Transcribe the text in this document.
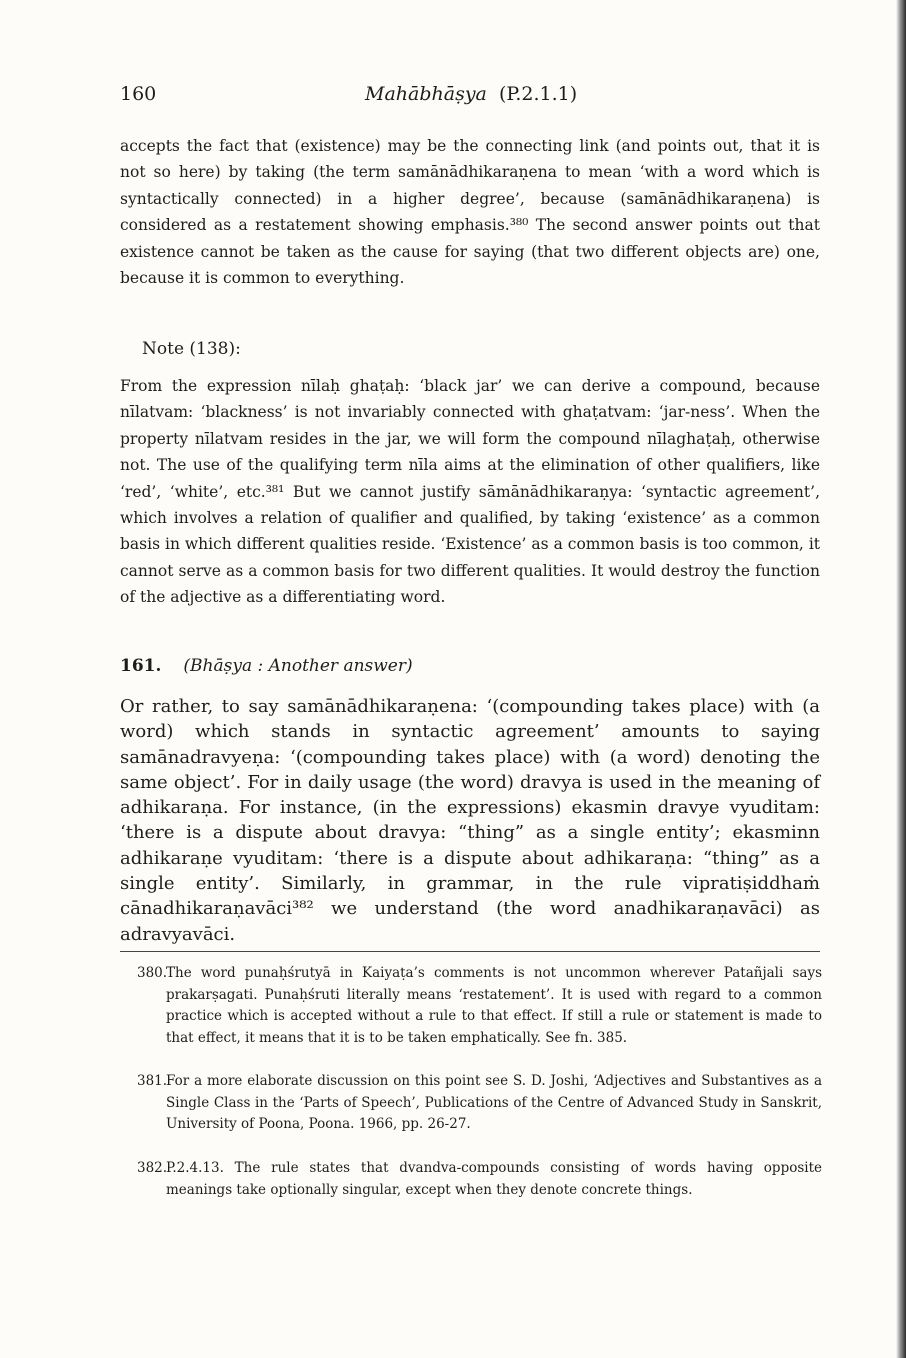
160	Mahābhāṣya (P.2.1.1)
accepts the fact that (existence) may be the connecting link (and points out, that it is not so here) by taking (the term samānādhikaraṇena to mean ‘with a word which is syntactically connected) in a higher degree’, because (samānādhikaraṇena) is considered as a restatement showing emphasis.³⁸⁰ The second answer points out that existence cannot be taken as the cause for saying (that two different objects are) one, because it is common to everything.
Note (138):
From the expression nīlaḥ ghaṭaḥ: ‘black jar’ we can derive a compound, because nīlatvam: ‘blackness’ is not invariably connected with ghaṭatvam: ‘jar-ness’. When the property nīlatvam resides in the jar, we will form the compound nīlaghaṭaḥ, otherwise not. The use of the qualifying term nīla aims at the elimination of other qualifiers, like ‘red’, ‘white’, etc.³⁸¹ But we cannot justify sāmānādhikaraṇya: ‘syntactic agreement’, which involves a relation of qualifier and qualified, by taking ‘existence’ as a common basis in which different qualities reside. ‘Existence’ as a common basis is too common, it cannot serve as a common basis for two different qualities. It would destroy the function of the adjective as a differentiating word.
161. (Bhāṣya : Another answer)
Or rather, to say samānādhikaraṇena: ‘(compounding takes place) with (a word) which stands in syntactic agreement’ amounts to saying samānadravyeṇa: ‘(compounding takes place) with (a word) denoting the same object’. For in daily usage (the word) dravya is used in the meaning of adhikaraṇa. For instance, (in the expressions) ekasmin dravye vyuditam: ‘there is a dispute about dravya: “thing” as a single entity’; ekasminn adhikaraṇe vyuditam: ‘there is a dispute about adhikaraṇa: “thing” as a single entity’. Similarly, in grammar, in the rule vipratiṣiddhaṁ cānadhikaraṇavāci³⁸² we understand (the word anadhikaraṇavāci) as adravyavāci.
380.
The word punaḥśrutyā in Kaiyaṭa’s comments is not uncommon wherever Patañjali says prakarṣagati. Punaḥśruti literally means ‘restatement’. It is used with regard to a common practice which is accepted without a rule to that effect. If still a rule or statement is made to that effect, it means that it is to be taken emphatically. See fn. 385.
381.
For a more elaborate discussion on this point see S. D. Joshi, ‘Adjectives and Substantives as a Single Class in the ‘Parts of Speech’, Publications of the Centre of Advanced Study in Sanskrit, University of Poona, Poona. 1966, pp. 26-27.
382.
P.2.4.13. The rule states that dvandva-compounds consisting of words having opposite meanings take optionally singular, except when they denote concrete things.
